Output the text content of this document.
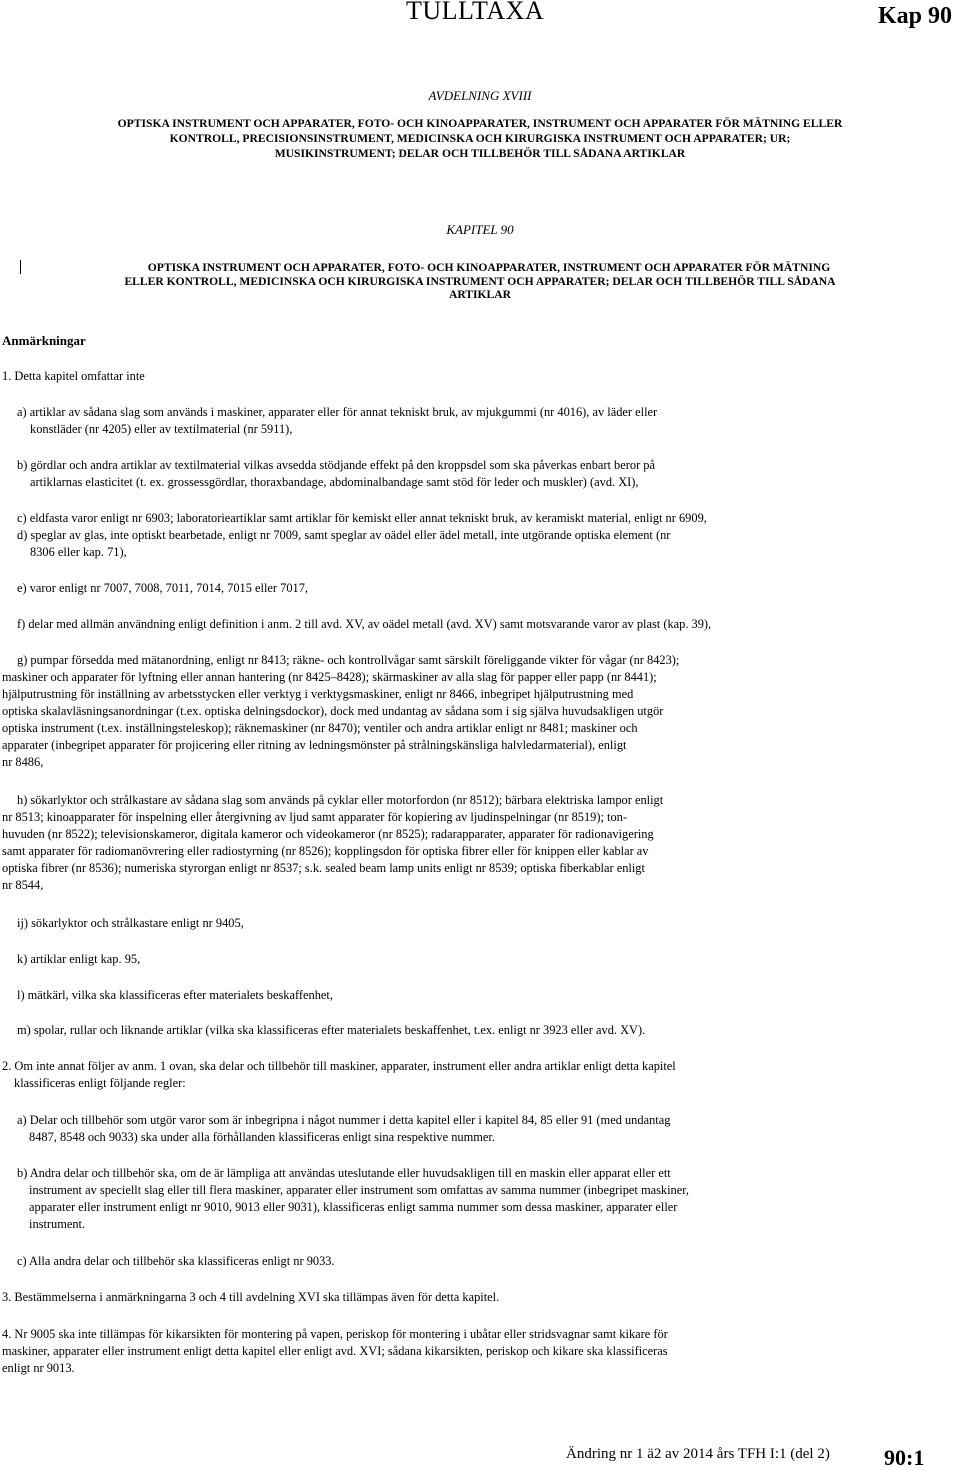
TULLTAXA	Kap 90
AVDELNING XVIII
OPTISKA INSTRUMENT OCH APPARATER, FOTO- OCH KINOAPPARATER, INSTRUMENT OCH APPARATER FÖR MÄTNING ELLER
KONTROLL, PRECISIONSINSTRUMENT, MEDICINSKA OCH KIRURGISKA INSTRUMENT OCH APPARATER; UR;
MUSIKINSTRUMENT; DELAR OCH TILLBEHÖR TILL SÅDANA ARTIKLAR
KAPITEL 90
OPTISKA INSTRUMENT OCH APPARATER, FOTO- OCH KINOAPPARATER, INSTRUMENT OCH APPARATER FÖR MÄTNING
ELLER KONTROLL, MEDICINSKA OCH KIRURGISKA INSTRUMENT OCH APPARATER; DELAR OCH TILLBEHÖR TILL SÅDANA
ARTIKLAR
Anmärkningar
1. Detta kapitel omfattar inte
a) artiklar av sådana slag som används i maskiner, apparater eller för annat tekniskt bruk, av mjukgummi (nr 4016), av läder eller
konstläder (nr 4205) eller av textilmaterial (nr 5911),
b) gördlar och andra artiklar av textilmaterial vilkas avsedda stödjande effekt på den kroppsdel som ska påverkas enbart beror på
artiklarnas elasticitet (t. ex. grossessgördlar, thoraxbandage, abdominalbandage samt stöd för leder och muskler) (avd. XI),
c) eldfasta varor enligt nr 6903; laboratorieartiklar samt artiklar för kemiskt eller annat tekniskt bruk, av keramiskt material, enligt nr 6909,
d) speglar av glas, inte optiskt bearbetade, enligt nr 7009, samt speglar av oädel eller ädel metall, inte utgörande optiska element (nr
8306 eller kap. 71),
e) varor enligt nr 7007, 7008, 7011, 7014, 7015 eller 7017,
f) delar med allmän användning enligt definition i anm. 2 till avd. XV, av oädel metall (avd. XV) samt motsvarande varor av plast (kap. 39),
g) pumpar försedda med mätanordning, enligt nr 8413; räkne- och kontrollvågar samt särskilt föreliggande vikter för vågar (nr 8423);
maskiner och apparater för lyftning eller annan hantering (nr 8425–8428); skärmaskiner av alla slag för papper eller papp (nr 8441);
hjälputrustning för inställning av arbetsstycken eller verktyg i verktygsmaskiner, enligt nr 8466, inbegripet hjälputrustning med
optiska skalavläsningsanordningar (t.ex. optiska delningsdockor), dock med undantag av sådana som i sig själva huvudsakligen utgör
optiska instrument (t.ex. inställningsteleskop); räknemaskiner (nr 8470); ventiler och andra artiklar enligt nr 8481; maskiner och
apparater (inbegripet apparater för projicering eller ritning av ledningsmönster på strålningskänsliga halvledarmaterial), enligt
nr 8486,
h) sökarlyktor och strålkastare av sådana slag som används på cyklar eller motorfordon (nr 8512); bärbara elektriska lampor enligt
nr 8513; kinoapparater för inspelning eller återgivning av ljud samt apparater för kopiering av ljudinspelningar (nr 8519); ton-
huvuden (nr 8522); televisionskameror, digitala kameror och videokameror (nr 8525); radarapparater, apparater för radionavigering
samt apparater för radiomanövrering eller radiostyrning (nr 8526); kopplingsdon för optiska fibrer eller för knippen eller kablar av
optiska fibrer (nr 8536); numeriska styrorgan enligt nr 8537; s.k. sealed beam lamp units enligt nr 8539; optiska fiberkablar enligt
nr 8544,
ij) sökarlyktor och strålkastare enligt nr 9405,
k) artiklar enligt kap. 95,
l) mätkärl, vilka ska klassificeras efter materialets beskaffenhet,
m) spolar, rullar och liknande artiklar (vilka ska klassificeras efter materialets beskaffenhet, t.ex. enligt nr 3923 eller avd. XV).
2. Om inte annat följer av anm. 1 ovan, ska delar och tillbehör till maskiner, apparater, instrument eller andra artiklar enligt detta kapitel
klassificeras enligt följande regler:
a) Delar och tillbehör som utgör varor som är inbegripna i något nummer i detta kapitel eller i kapitel 84, 85 eller 91 (med undantag
8487, 8548 och 9033) ska under alla förhållanden klassificeras enligt sina respektive nummer.
b) Andra delar och tillbehör ska, om de är lämpliga att användas uteslutande eller huvudsakligen till en maskin eller apparat eller ett
instrument av speciellt slag eller till flera maskiner, apparater eller instrument som omfattas av samma nummer (inbegripet maskiner,
apparater eller instrument enligt nr 9010, 9013 eller 9031), klassificeras enligt samma nummer som dessa maskiner, apparater eller
instrument.
c) Alla andra delar och tillbehör ska klassificeras enligt nr 9033.
3. Bestämmelserna i anmärkningarna 3 och 4 till avdelning XVI ska tillämpas även för detta kapitel.
4. Nr 9005 ska inte tillämpas för kikarsikten för montering på vapen, periskop för montering i ubåtar eller stridsvagnar samt kikare för
maskiner, apparater eller instrument enligt detta kapitel eller enligt avd. XVI; sådana kikarsikten, periskop och kikare ska klassificeras
enligt nr 9013.
Ändring nr 1 ä2 av 2014 års TFH I:1 (del 2) 90:1
